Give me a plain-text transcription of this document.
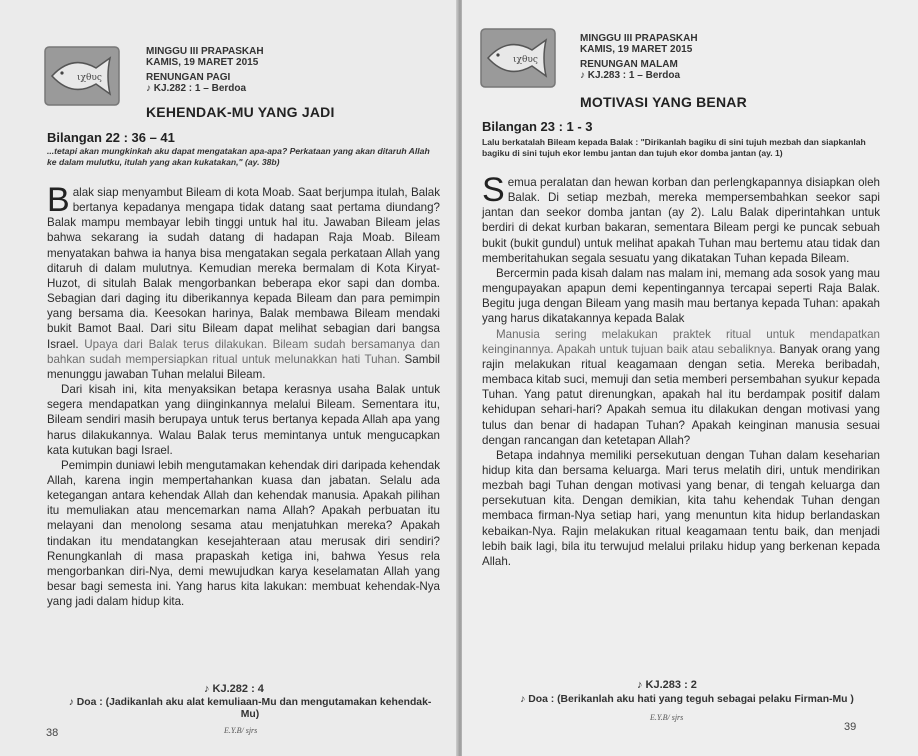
ιχθυς
MINGGU III PRAPASKAH
KAMIS, 19 MARET 2015
RENUNGAN PAGI
♪ KJ.282 : 1 – Berdoa
KEHENDAK-MU YANG JADI
Bilangan 22 : 36 – 41
...tetapi akan mungkinkah aku dapat mengatakan apa-apa? Perkataan yang akan ditaruh Allah ke dalam mulutku, itulah yang akan kukatakan," (ay. 38b)

Balak siap menyambut Bileam di kota Moab. Saat berjumpa itulah, Balak bertanya kepadanya mengapa tidak datang saat pertama diundang? Balak mampu membayar lebih tinggi untuk hal itu. Jawaban Bileam jelas bahwa sekarang ia sudah datang di hadapan Raja Moab. Bileam menyatakan bahwa ia hanya bisa mengatakan segala perkataan Allah yang ditaruh di dalam mulutnya. Kemudian mereka bermalam di Kota Kiryat-Huzot, di situlah Balak mengorbankan beberapa ekor sapi dan domba. Sebagian dari daging itu diberikannya kepada Bileam dan para pemimpin yang bersama dia. Keesokan harinya, Balak membawa Bileam mendaki bukit Bamot Baal. Dari situ Bileam dapat melihat sebagian dari bangsa Israel. Upaya dari Balak terus dilakukan. Bileam sudah bersamanya dan bahkan sudah mempersiapkan ritual untuk melunakkan hati Tuhan. Sambil menunggu jawaban Tuhan melalui Bileam.

Dari kisah ini, kita menyaksikan betapa kerasnya usaha Balak untuk segera mendapatkan yang diinginkannya melalui Bileam. Sementara itu, Bileam sendiri masih berupaya untuk terus bertanya kepada Allah apa yang harus dilakukannya. Walau Balak terus memintanya untuk mengucapkan kata kutukan bagi Israel.

Pemimpin duniawi lebih mengutamakan kehendak diri daripada kehendak Allah, karena ingin mempertahankan kuasa dan jabatan. Selalu ada ketegangan antara kehendak Allah dan kehendak manusia. Apakah pilihan itu memuliakan atau mencemarkan nama Allah? Apakah perbuatan itu melayani dan menolong sesama atau menjatuhkan mereka? Apakah tindakan itu mendatangkan kesejahteraan atau merusak diri sendiri? Renungkanlah di masa prapaskah ketiga ini, bahwa Yesus rela mengorbankan diri-Nya, demi mewujudkan karya keselamatan Allah yang besar bagi semesta ini. Yang harus kita lakukan: membuat kehendak-Nya yang jadi dalam hidup kita.

♪ KJ.282 : 4
♪ Doa : (Jadikanlah aku alat kemuliaan-Mu dan mengutamakan kehendak-Mu)
E.Y.B/ sjrs
38
ιχθυς
MINGGU III PRAPASKAH
KAMIS, 19 MARET 2015
RENUNGAN MALAM
♪ KJ.283 : 1 – Berdoa
MOTIVASI YANG BENAR
Bilangan 23 : 1 - 3
Lalu berkatalah Bileam kepada Balak : "Dirikanlah bagiku di sini tujuh mezbah dan siapkanlah bagiku di sini tujuh ekor lembu jantan dan tujuh ekor domba jantan (ay. 1)

Semua peralatan dan hewan korban dan perlengkapannya disiapkan oleh Balak. Di setiap mezbah, mereka mempersembahkan seekor sapi jantan dan seekor domba jantan (ay 2). Lalu Balak diperintahkan untuk berdiri di dekat kurban bakaran, sementara Bileam pergi ke puncak sebuah bukit (bukit gundul) untuk melihat apakah Tuhan mau bertemu atau tidak dan memberitahukan segala sesuatu yang dikatakan Tuhan kepada Bileam.

Bercermin pada kisah dalam nas malam ini, memang ada sosok yang mau mengupayakan apapun demi kepentingannya tercapai seperti Raja Balak. Begitu juga dengan Bileam yang masih mau bertanya kepada Tuhan: apakah yang harus dikatakannya kepada Balak

Manusia sering melakukan praktek ritual untuk mendapatkan keinginannya. Apakah untuk tujuan baik atau sebaliknya. Banyak orang yang rajin melakukan ritual keagamaan dengan setia. Mereka beribadah, membaca kitab suci, memuji dan setia memberi persembahan syukur kepada Tuhan. Yang patut direnungkan, apakah hal itu berdampak positif dalam kehidupan sehari-hari? Apakah semua itu dilakukan dengan motivasi yang tulus dan benar di hadapan Tuhan? Apakah keinginan manusia sesuai dengan rancangan dan ketetapan Allah?

Betapa indahnya memiliki persekutuan dengan Tuhan dalam keseharian hidup kita dan bersama keluarga. Mari terus melatih diri, untuk mendirikan mezbah bagi Tuhan dengan motivasi yang benar, di tengah keluarga dan persekutuan kita. Dengan demikian, kita tahu kehendak Tuhan dengan membaca firman-Nya setiap hari, yang menuntun kita hidup berlandaskan kebaikan-Nya. Rajin melakukan ritual keagamaan tentu baik, dan menjadi lebih baik lagi, bila itu terwujud melalui prilaku hidup yang berkenan kepada Allah.

♪ KJ.283 : 2
♪ Doa : (Berikanlah aku hati yang teguh sebagai pelaku Firman-Mu )
E.Y.B/ sjrs
39
